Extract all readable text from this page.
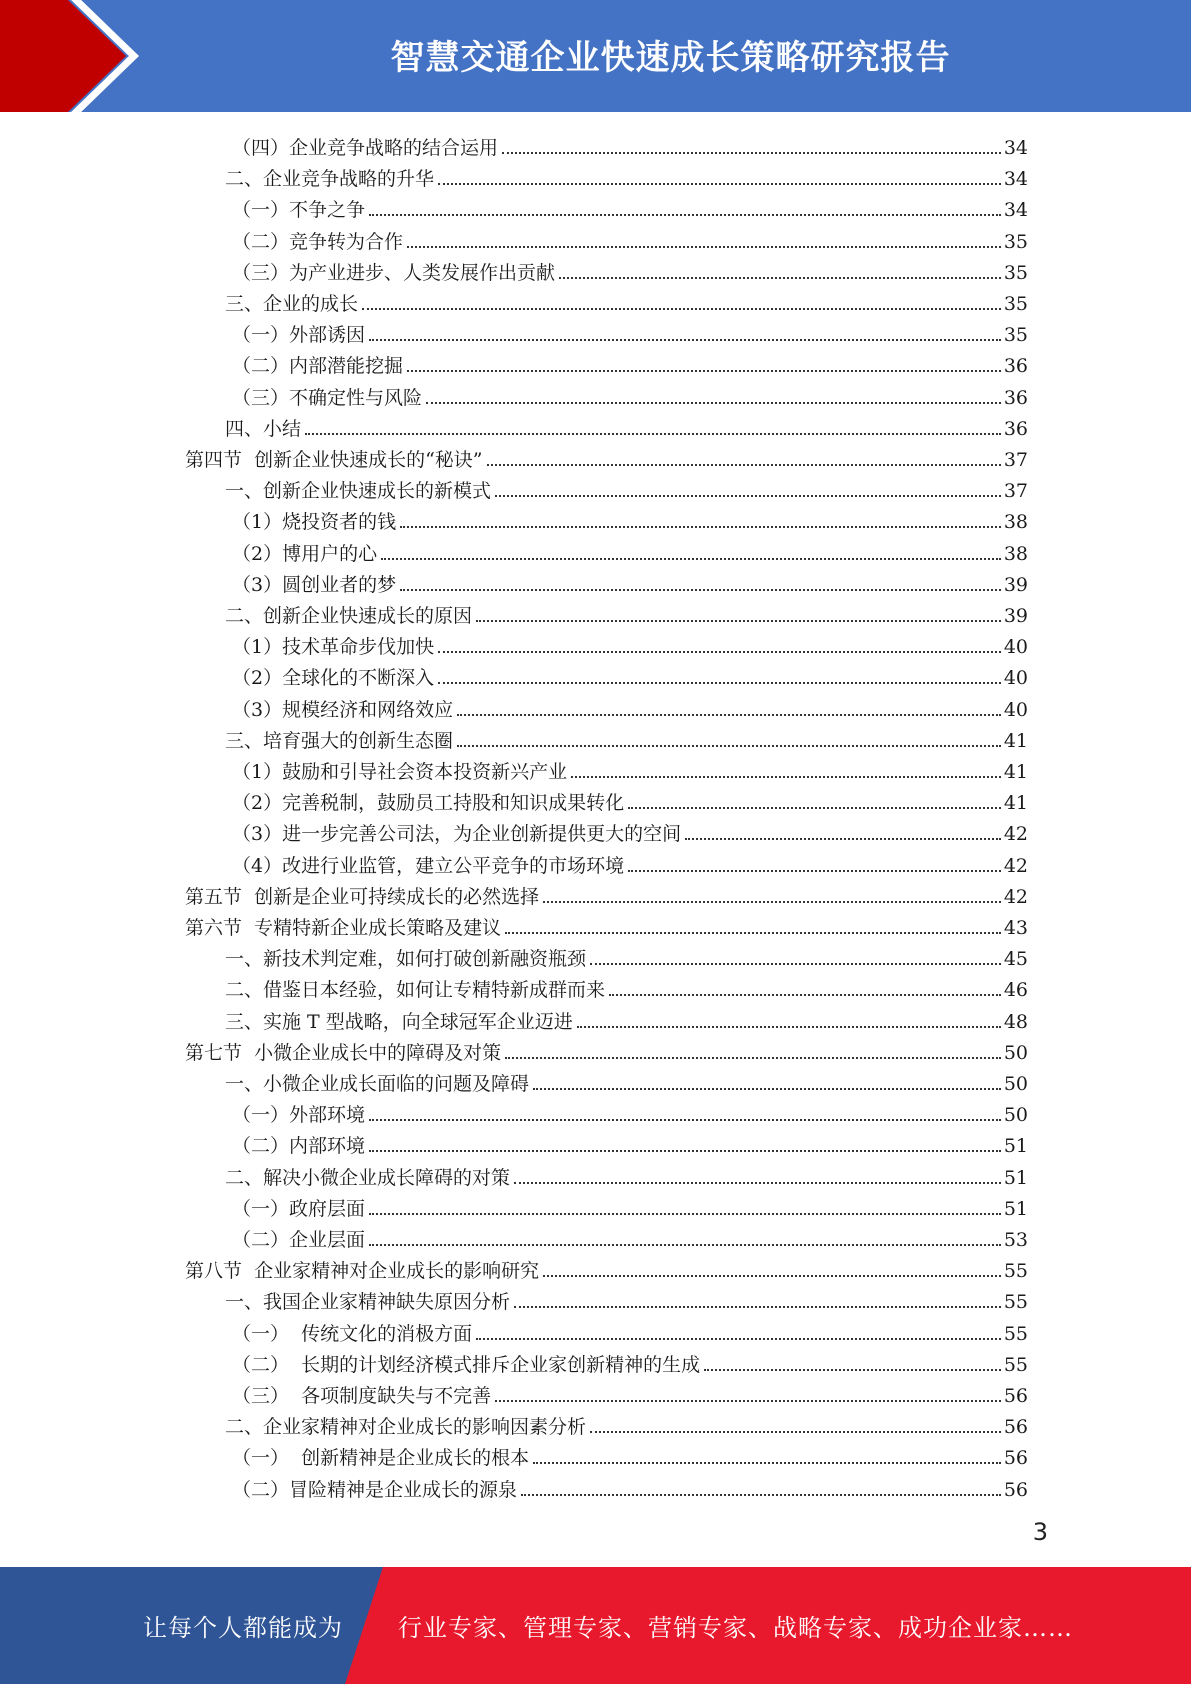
智慧交通企业快速成长策略研究报告
（四）企业竞争战略的结合运用	34
二、企业竞争战略的升华	34
（一）不争之争	34
（二）竞争转为合作	35
（三）为产业进步、人类发展作出贡献	35
三、企业的成长	35
（一）外部诱因	35
（二）内部潜能挖掘	36
（三）不确定性与风险	36
四、小结	36
第四节  创新企业快速成长的“秘诀”	37
一、创新企业快速成长的新模式	37
（1）烧投资者的钱	38
（2）博用户的心	38
（3）圆创业者的梦	39
二、创新企业快速成长的原因	39
（1）技术革命步伐加快	40
（2）全球化的不断深入	40
（3）规模经济和网络效应	40
三、培育强大的创新生态圈	41
（1）鼓励和引导社会资本投资新兴产业	41
（2）完善税制，鼓励员工持股和知识成果转化	41
（3）进一步完善公司法，为企业创新提供更大的空间	42
（4）改进行业监管，建立公平竞争的市场环境	42
第五节  创新是企业可持续成长的必然选择	42
第六节  专精特新企业成长策略及建议	43
一、新技术判定难，如何打破创新融资瓶颈	45
二、借鉴日本经验，如何让专精特新成群而来	46
三、实施 T 型战略，向全球冠军企业迈进	48
第七节  小微企业成长中的障碍及对策	50
一、小微企业成长面临的问题及障碍	50
（一）外部环境	50
（二）内部环境	51
二、解决小微企业成长障碍的对策	51
（一）政府层面	51
（二）企业层面	53
第八节  企业家精神对企业成长的影响研究	55
一、我国企业家精神缺失原因分析	55
（一）  传统文化的消极方面	55
（二）  长期的计划经济模式排斥企业家创新精神的生成	55
（三）  各项制度缺失与不完善	56
二、企业家精神对企业成长的影响因素分析	56
（一）  创新精神是企业成长的根本	56
（二）冒险精神是企业成长的源泉	56
3
让每个人都能成为 行业专家、管理专家、营销专家、战略专家、成功企业家……
